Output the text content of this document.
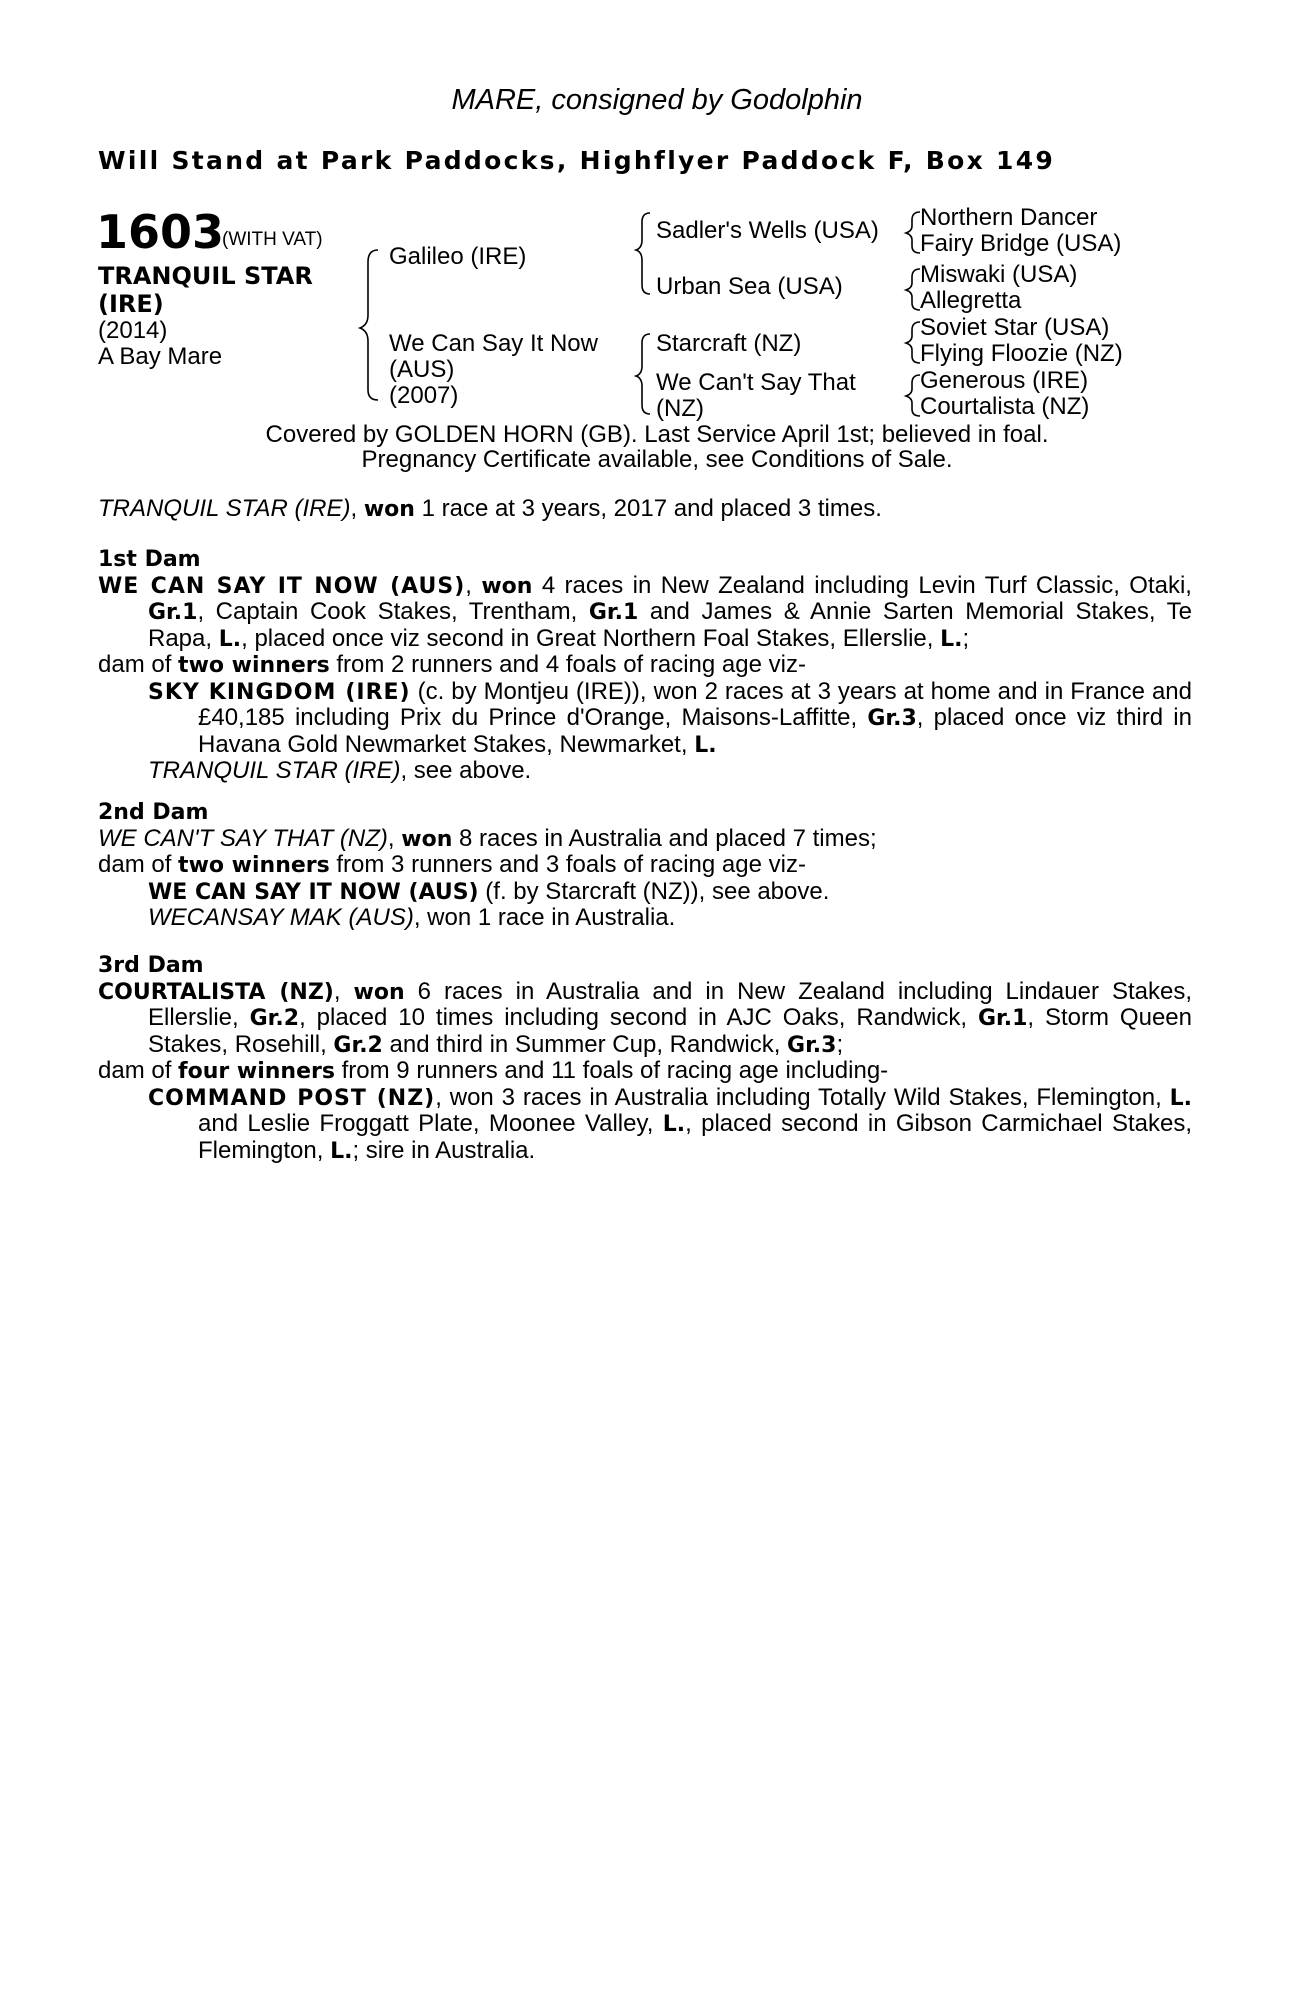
MARE, consigned by Godolphin
Will Stand at Park Paddocks, Highflyer Paddock F, Box 149
1603
(WITH VAT)
TRANQUIL STAR (IRE)
(2014)
A Bay Mare
Galileo (IRE)
We Can Say It Now
(AUS)
(2007)
Sadler's Wells (USA)
Urban Sea (USA)
Starcraft (NZ)
We Can't Say That
(NZ)
Northern Dancer
Fairy Bridge (USA)
Miswaki (USA)
Allegretta
Soviet Star (USA)
Flying Floozie (NZ)
Generous (IRE)
Courtalista (NZ)
Covered by GOLDEN HORN (GB). Last Service April 1st; believed in foal.
Pregnancy Certificate available, see Conditions of Sale.

TRANQUIL STAR (IRE), won 1 race at 3 years, 2017 and placed 3 times.

1st Dam

WE CAN SAY IT NOW (AUS), won 4 races in New Zealand including Levin Turf Classic, Otaki, Gr.1, Captain Cook Stakes, Trentham, Gr.1 and James & Annie Sarten Memorial Stakes, Te Rapa, L., placed once viz second in Great Northern Foal Stakes, Ellerslie, L.;

dam of two winners from 2 runners and 4 foals of racing age viz-

SKY KINGDOM (IRE) (c. by Montjeu (IRE)), won 2 races at 3 years at home and in France and £40,185 including Prix du Prince d'Orange, Maisons-Laffitte, Gr.3, placed once viz third in Havana Gold Newmarket Stakes, Newmarket, L.

TRANQUIL STAR (IRE), see above.

2nd Dam

WE CAN'T SAY THAT (NZ), won 8 races in Australia and placed 7 times;

dam of two winners from 3 runners and 3 foals of racing age viz-

WE CAN SAY IT NOW (AUS) (f. by Starcraft (NZ)), see above.

WECANSAY MAK (AUS), won 1 race in Australia.

3rd Dam

COURTALISTA (NZ), won 6 races in Australia and in New Zealand including Lindauer Stakes, Ellerslie, Gr.2, placed 10 times including second in AJC Oaks, Randwick, Gr.1, Storm Queen Stakes, Rosehill, Gr.2 and third in Summer Cup, Randwick, Gr.3;

dam of four winners from 9 runners and 11 foals of racing age including-

COMMAND POST (NZ), won 3 races in Australia including Totally Wild Stakes, Flemington, L. and Leslie Froggatt Plate, Moonee Valley, L., placed second in Gibson Carmichael Stakes, Flemington, L.; sire in Australia.
